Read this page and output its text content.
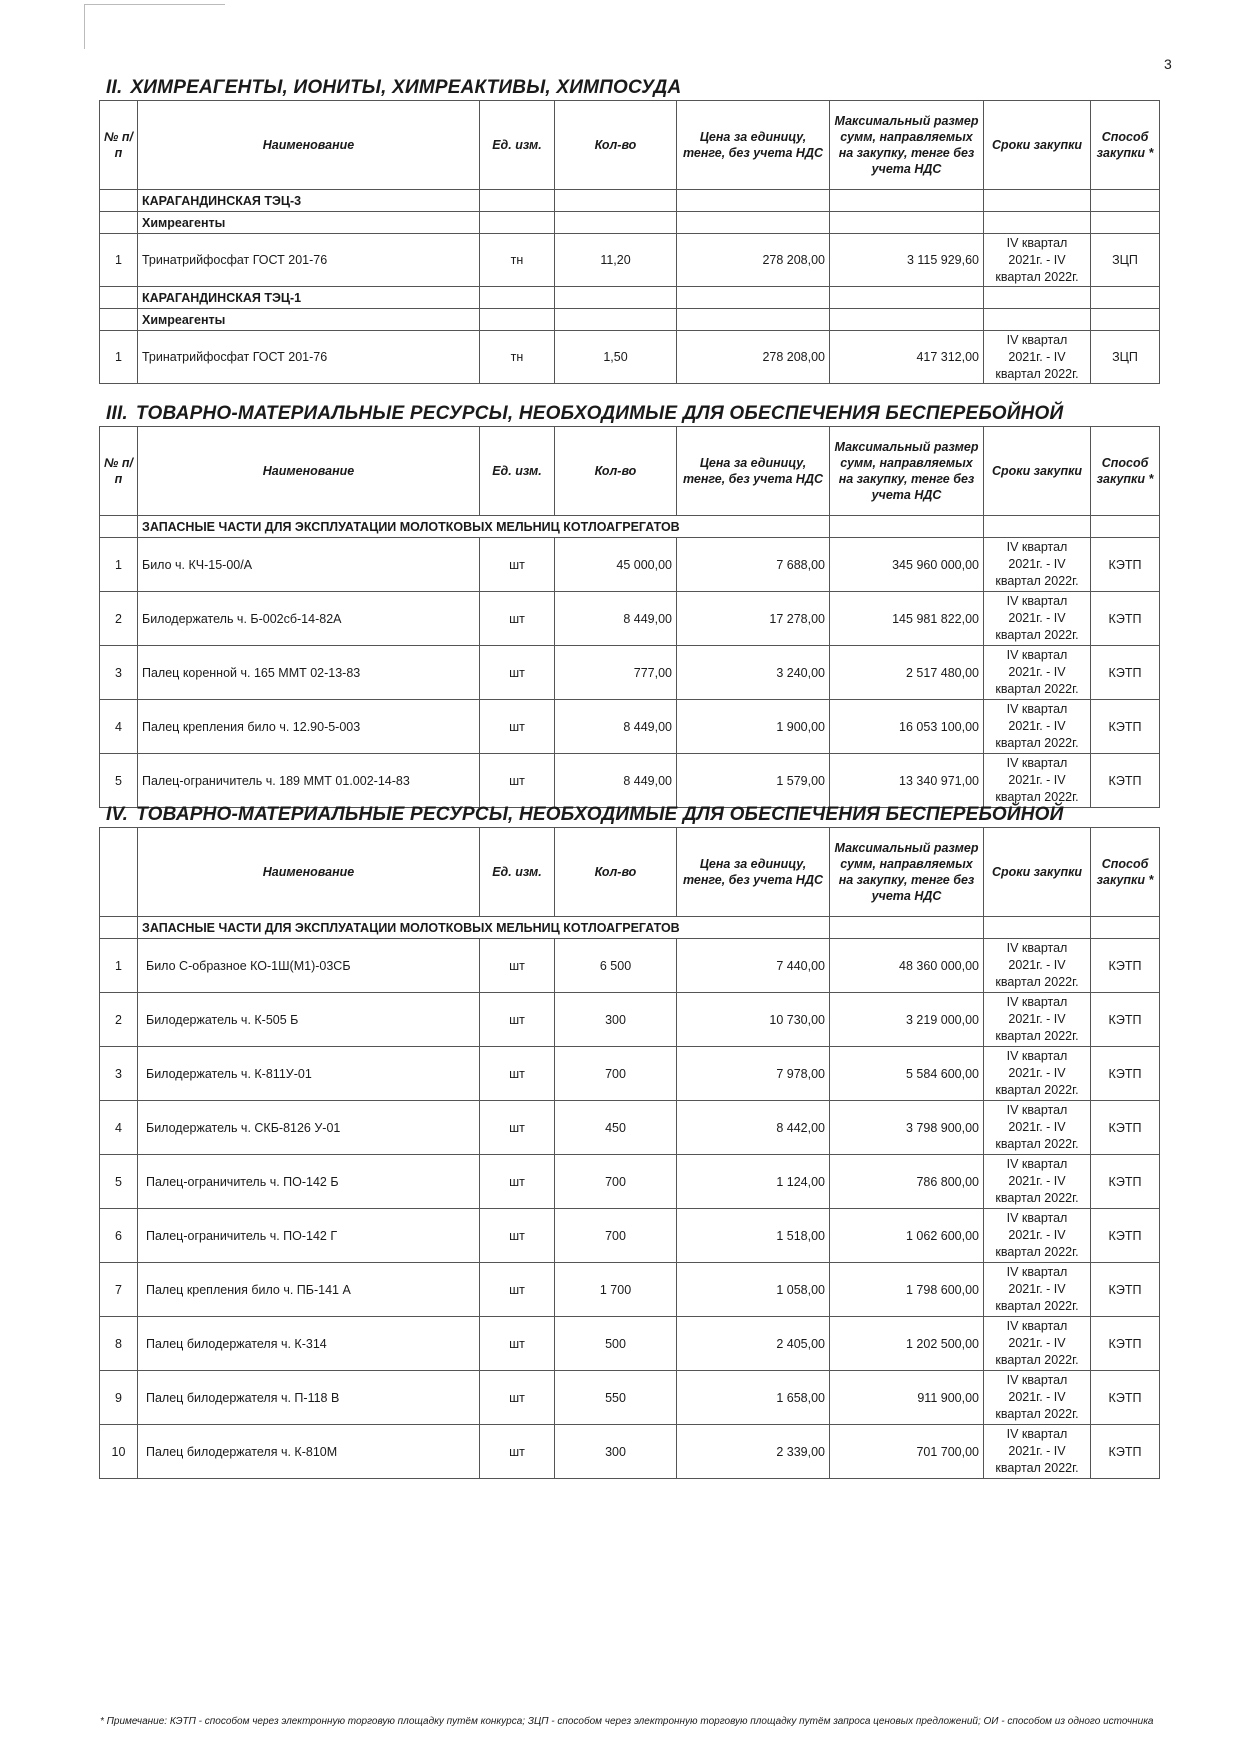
3
II. ХИМРЕАГЕНТЫ, ИОНИТЫ, ХИМРЕАКТИВЫ, ХИМПОСУДА
№ п/п	Наименование	Ед. изм.	Кол-во	Цена за единицу, тенге, без учета НДС	Максимальный размер сумм, направляемых на закупку, тенге без учета НДС	Сроки закупки	Способ закупки *
	КАРАГАНДИНСКАЯ ТЭЦ-3						
	Химреагенты						
1	Тринатрийфосфат ГОСТ 201-76	тн	11,20	278 208,00	3 115 929,60	IV квартал 2021г. - IV квартал 2022г.	ЗЦП
	КАРАГАНДИНСКАЯ ТЭЦ-1						
	Химреагенты						
1	Тринатрийфосфат ГОСТ 201-76	тн	1,50	278 208,00	417 312,00	IV квартал 2021г. - IV квартал 2022г.	ЗЦП
III. ТОВАРНО-МАТЕРИАЛЬНЫЕ РЕСУРСЫ, НЕОБХОДИМЫЕ ДЛЯ ОБЕСПЕЧЕНИЯ БЕСПЕРЕБОЙНОЙ
№ п/п	Наименование	Ед. изм.	Кол-во	Цена за единицу, тенге, без учета НДС	Максимальный размер сумм, направляемых на закупку, тенге без учета НДС	Сроки закупки	Способ закупки *
	ЗАПАСНЫЕ ЧАСТИ ДЛЯ ЭКСПЛУАТАЦИИ МОЛОТКОВЫХ МЕЛЬНИЦ КОТЛОАГРЕГАТОВ						
1	Било ч. КЧ-15-00/А	шт	45 000,00	7 688,00	345 960 000,00	IV квартал 2021г. - IV квартал 2022г.	КЭТП
2	Билодержатель ч. Б-002сб-14-82А	шт	8 449,00	17 278,00	145 981 822,00	IV квартал 2021г. - IV квартал 2022г.	КЭТП
3	Палец коренной ч. 165 ММТ 02-13-83	шт	777,00	3 240,00	2 517 480,00	IV квартал 2021г. - IV квартал 2022г.	КЭТП
4	Палец крепления било ч. 12.90-5-003	шт	8 449,00	1 900,00	16 053 100,00	IV квартал 2021г. - IV квартал 2022г.	КЭТП
5	Палец-ограничитель ч. 189 ММТ 01.002-14-83	шт	8 449,00	1 579,00	13 340 971,00	IV квартал 2021г. - IV квартал 2022г.	КЭТП
IV. ТОВАРНО-МАТЕРИАЛЬНЫЕ РЕСУРСЫ, НЕОБХОДИМЫЕ ДЛЯ ОБЕСПЕЧЕНИЯ БЕСПЕРЕБОЙНОЙ
	Наименование	Ед. изм.	Кол-во	Цена за единицу, тенге, без учета НДС	Максимальный размер сумм, направляемых на закупку, тенге без учета НДС	Сроки закупки	Способ закупки *
	ЗАПАСНЫЕ ЧАСТИ ДЛЯ ЭКСПЛУАТАЦИИ МОЛОТКОВЫХ МЕЛЬНИЦ КОТЛОАГРЕГАТОВ						
1	Било С-образное КО-1Ш(М1)-03СБ	шт	6 500	7 440,00	48 360 000,00	IV квартал 2021г. - IV квартал 2022г.	КЭТП
2	Билодержатель ч. К-505 Б	шт	300	10 730,00	3 219 000,00	IV квартал 2021г. - IV квартал 2022г.	КЭТП
3	Билодержатель ч. К-811У-01	шт	700	7 978,00	5 584 600,00	IV квартал 2021г. - IV квартал 2022г.	КЭТП
4	Билодержатель ч. СКБ-8126 У-01	шт	450	8 442,00	3 798 900,00	IV квартал 2021г. - IV квартал 2022г.	КЭТП
5	Палец-ограничитель ч. ПО-142 Б	шт	700	1 124,00	786 800,00	IV квартал 2021г. - IV квартал 2022г.	КЭТП
6	Палец-ограничитель ч. ПО-142 Г	шт	700	1 518,00	1 062 600,00	IV квартал 2021г. - IV квартал 2022г.	КЭТП
7	Палец крепления било ч. ПБ-141 А	шт	1 700	1 058,00	1 798 600,00	IV квартал 2021г. - IV квартал 2022г.	КЭТП
8	Палец билодержателя ч. К-314	шт	500	2 405,00	1 202 500,00	IV квартал 2021г. - IV квартал 2022г.	КЭТП
9	Палец билодержателя ч. П-118 В	шт	550	1 658,00	911 900,00	IV квартал 2021г. - IV квартал 2022г.	КЭТП
10	Палец билодержателя ч. К-810М	шт	300	2 339,00	701 700,00	IV квартал 2021г. - IV квартал 2022г.	КЭТП
* Примечание: КЭТП - способом через электронную торговую площадку путём конкурса; ЗЦП - способом через электронную торговую площадку путём запроса ценовых предложений; ОИ - способом из одного источника
